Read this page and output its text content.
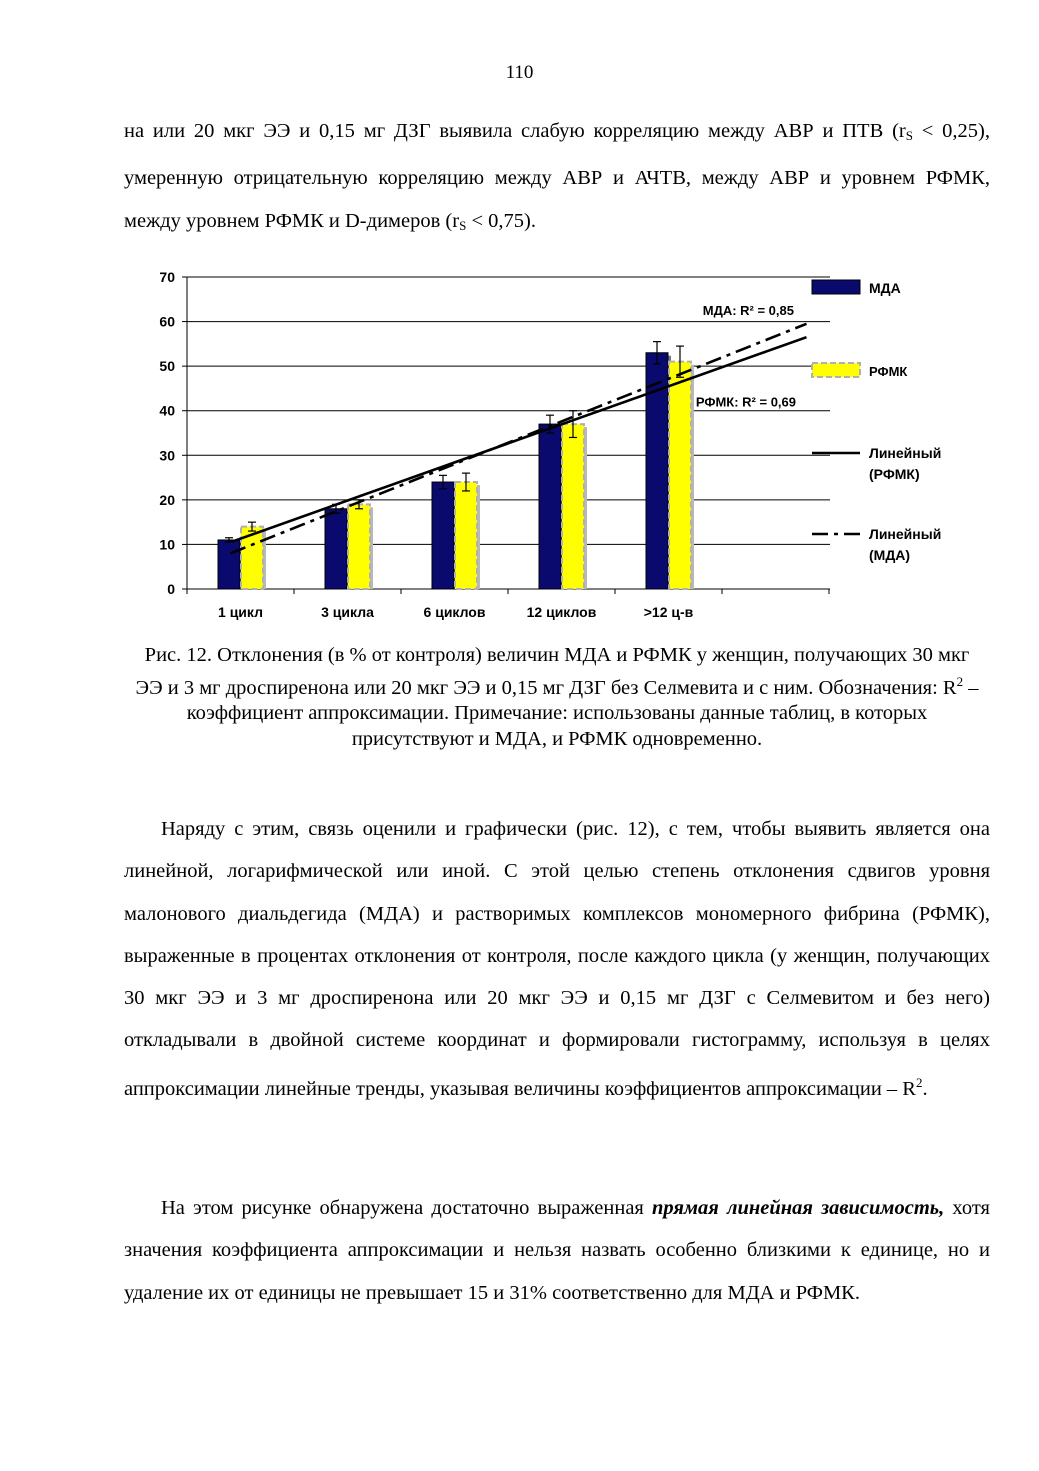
110

на или 20 мкг ЭЭ и 0,15 мг ДЗГ выявила слабую корреляцию между АВР и ПТВ $(r_S < 0,25)$, умеренную отрицательную корреляцию между АВР и АЧТВ, между АВР и уровнем РФМК, между уровнем РФМК и D-димеров $(r_S < 0,75)$.

0
10
20
30
40
50
60
70
1 цикл	3 цикла	6 циклов	12 циклов	>12 ц-в
МДА: R² = 0,85
РФМК: R² = 0,69
МДА
РФМК
Линейный
(РФМК)
Линейный
(МДА)

Рис. 12. Отклонения (в % от контроля) величин МДА и РФМК у женщин, получающих 30 мкг ЭЭ и 3 мг дроспиренона или 20 мкг ЭЭ и 0,15 мг ДЗГ без Селмевита и с ним. Обозначения: $R^2$ – коэффициент аппроксимации. Примечание: использованы данные таблиц, в которых присутствуют и МДА, и РФМК одновременно.

Наряду с этим, связь оценили и графически (рис. 12), с тем, чтобы выявить является она линейной, логарифмической или иной. С этой целью степень отклонения сдвигов уровня малонового диальдегида (МДА) и растворимых комплексов мономерного фибрина (РФМК), выраженные в процентах отклонения от контроля, после каждого цикла (у женщин, получающих 30 мкг ЭЭ и 3 мг дроспиренона или 20 мкг ЭЭ и 0,15 мг ДЗГ с Селмевитом и без него) откладывали в двойной системе координат и формировали гистограмму, используя в целях аппроксимации линейные тренды, указывая величины коэффициентов аппроксимации – $R^2$.

На этом рисунке обнаружена достаточно выраженная прямая линейная зависимость, хотя значения коэффициента аппроксимации и нельзя назвать особенно близкими к единице, но и удаление их от единицы не превышает 15 и 31% соответственно для МДА и РФМК.
